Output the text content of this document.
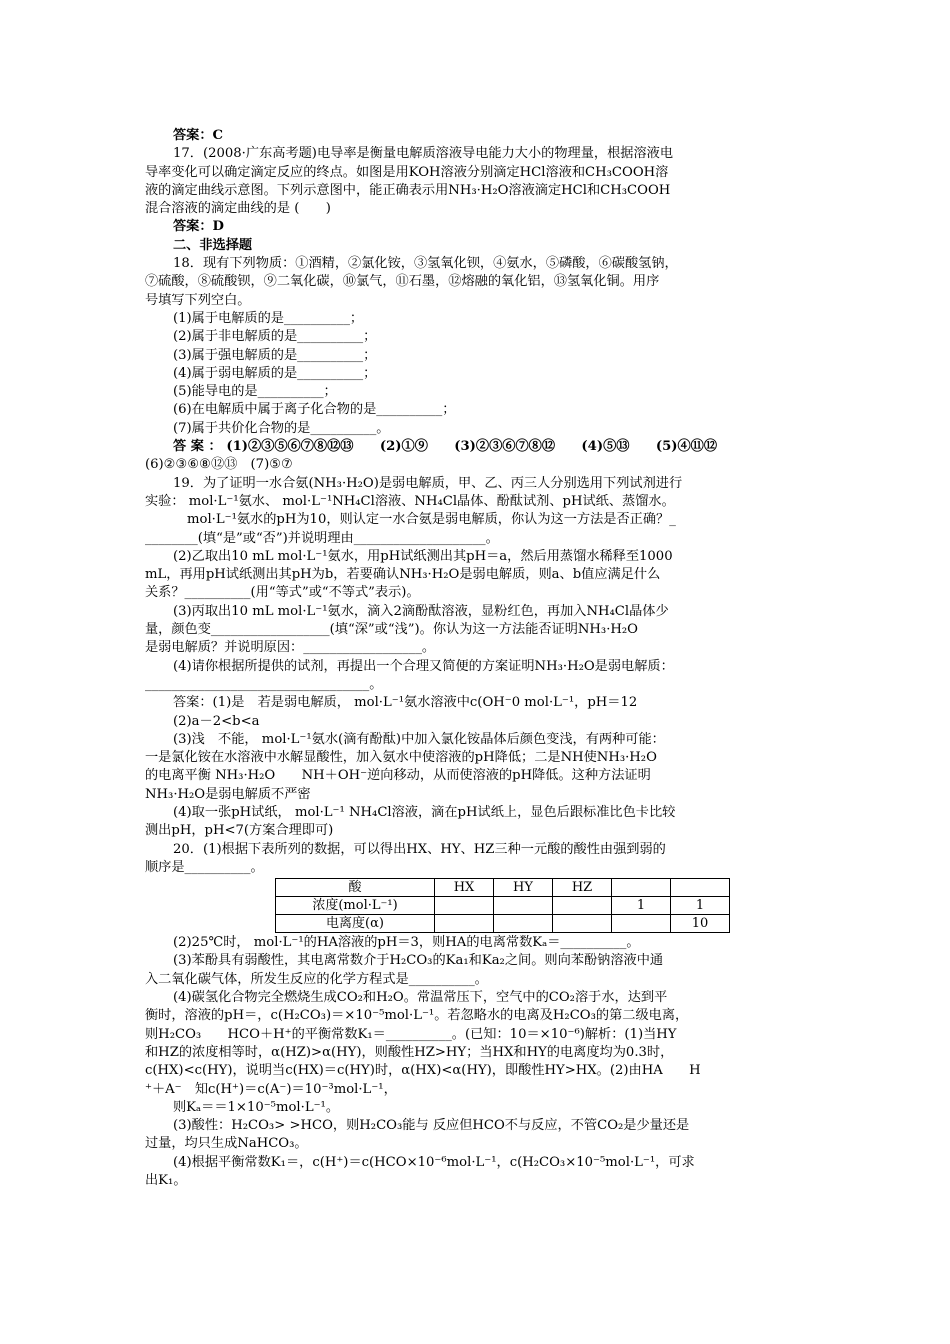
答案：C
17．(2008·广东高考题)电导率是衡量电解质溶液导电能力大小的物理量，根据溶液电
导率变化可以确定滴定反应的终点。如图是用KOH溶液分别滴定HCl溶液和CH₃COOH溶
液的滴定曲线示意图。下列示意图中，能正确表示用NH₃·H₂O溶液滴定HCl和CH₃COOH
混合溶液的滴定曲线的是 (　　)
答案：D
二、非选择题
18．现有下列物质：①酒精，②氯化铵，③氢氧化钡，④氨水，⑤磷酸，⑥碳酸氢钠，
⑦硫酸，⑧硫酸钡，⑨二氧化碳，⑩氯气，⑪石墨，⑫熔融的氧化铝，⑬氢氧化铜。用序
号填写下列空白。
(1)属于电解质的是__________；
(2)属于非电解质的是__________；
(3)属于强电解质的是__________；
(4)属于弱电解质的是__________；
(5)能导电的是__________；
(6)在电解质中属于离子化合物的是__________；
(7)属于共价化合物的是__________。
答 案 ： (1)②③⑤⑥⑦⑧⑫⑬　　(2)①⑨　　(3)②③⑥⑦⑧⑫　　(4)⑤⑬　　(5)④⑪⑫
(6)②③⑥⑧⑫⑬　(7)⑤⑦
19．为了证明一水合氨(NH₃·H₂O)是弱电解质，甲、乙、丙三人分别选用下列试剂进行
实验： mol·L⁻¹氨水、 mol·L⁻¹NH₄Cl溶液、NH₄Cl晶体、酚酞试剂、pH试纸、蒸馏水。
mol·L⁻¹氨水的pH为10，则认定一水合氨是弱电解质，你认为这一方法是否正确？_
________(填“是”或“否”)并说明理由____________________。
(2)乙取出10 mL mol·L⁻¹氨水，用pH试纸测出其pH＝a，然后用蒸馏水稀释至1000
mL，再用pH试纸测出其pH为b，若要确认NH₃·H₂O是弱电解质，则a、b值应满足什么
关系？__________(用“等式”或“不等式”表示)。
(3)丙取出10 mL mol·L⁻¹氨水，滴入2滴酚酞溶液，显粉红色，再加入NH₄Cl晶体少
量，颜色变__________________(填“深”或“浅”)。你认为这一方法能否证明NH₃·H₂O
是弱电解质？并说明原因：__________________。
(4)请你根据所提供的试剂，再提出一个合理又简便的方案证明NH₃·H₂O是弱电解质：
__________________________________。
答案：(1)是　若是弱电解质， mol·L⁻¹氨水溶液中c(OH⁻0 mol·L⁻¹，pH＝12
(2)a－2<b<a
(3)浅　不能， mol·L⁻¹氨水(滴有酚酞)中加入氯化铵晶体后颜色变浅，有两种可能：
一是氯化铵在水溶液中水解显酸性，加入氨水中使溶液的pH降低；二是NH使NH₃·H₂O
的电离平衡 NH₃·H₂O　　NH＋OH⁻逆向移动，从而使溶液的pH降低。这种方法证明
NH₃·H₂O是弱电解质不严密
(4)取一张pH试纸， mol·L⁻¹ NH₄Cl溶液，滴在pH试纸上，显色后跟标准比色卡比较
测出pH，pH<7(方案合理即可)
20．(1)根据下表所列的数据，可以得出HX、HY、HZ三种一元酸的酸性由强到弱的
顺序是__________。
酸	HX	HY	HZ		
浓度(mol·L⁻¹)				1	1
电离度(α)					10
(2)25℃时， mol·L⁻¹的HA溶液的pH＝3，则HA的电离常数Kₐ＝__________。
(3)苯酚具有弱酸性，其电离常数介于H₂CO₃的Ka₁和Ka₂之间。则向苯酚钠溶液中通
入二氧化碳气体，所发生反应的化学方程式是__________。
(4)碳氢化合物完全燃烧生成CO₂和H₂O。常温常压下，空气中的CO₂溶于水，达到平
衡时，溶液的pH＝，c(H₂CO₃)＝×10⁻⁵mol·L⁻¹。若忽略水的电离及H₂CO₃的第二级电离，
则H₂CO₃　　HCO＋H⁺的平衡常数K₁＝__________。(已知：10＝×10⁻⁶)解析：(1)当HY
和HZ的浓度相等时，α(HZ)>α(HY)，则酸性HZ>HY；当HX和HY的电离度均为0.3时，
c(HX)<c(HY)，说明当c(HX)＝c(HY)时，α(HX)<α(HY)，即酸性HY>HX。(2)由HA　　H
⁺＋A⁻　知c(H⁺)＝c(A⁻)＝10⁻³mol·L⁻¹，
则Kₐ＝＝1×10⁻⁵mol·L⁻¹。
(3)酸性：H₂CO₃> >HCO，则H₂CO₃能与 反应但HCO不与反应，不管CO₂是少量还是
过量，均只生成NaHCO₃。
(4)根据平衡常数K₁＝，c(H⁺)＝c(HCO×10⁻⁶mol·L⁻¹，c(H₂CO₃×10⁻⁵mol·L⁻¹，可求
出K₁。
